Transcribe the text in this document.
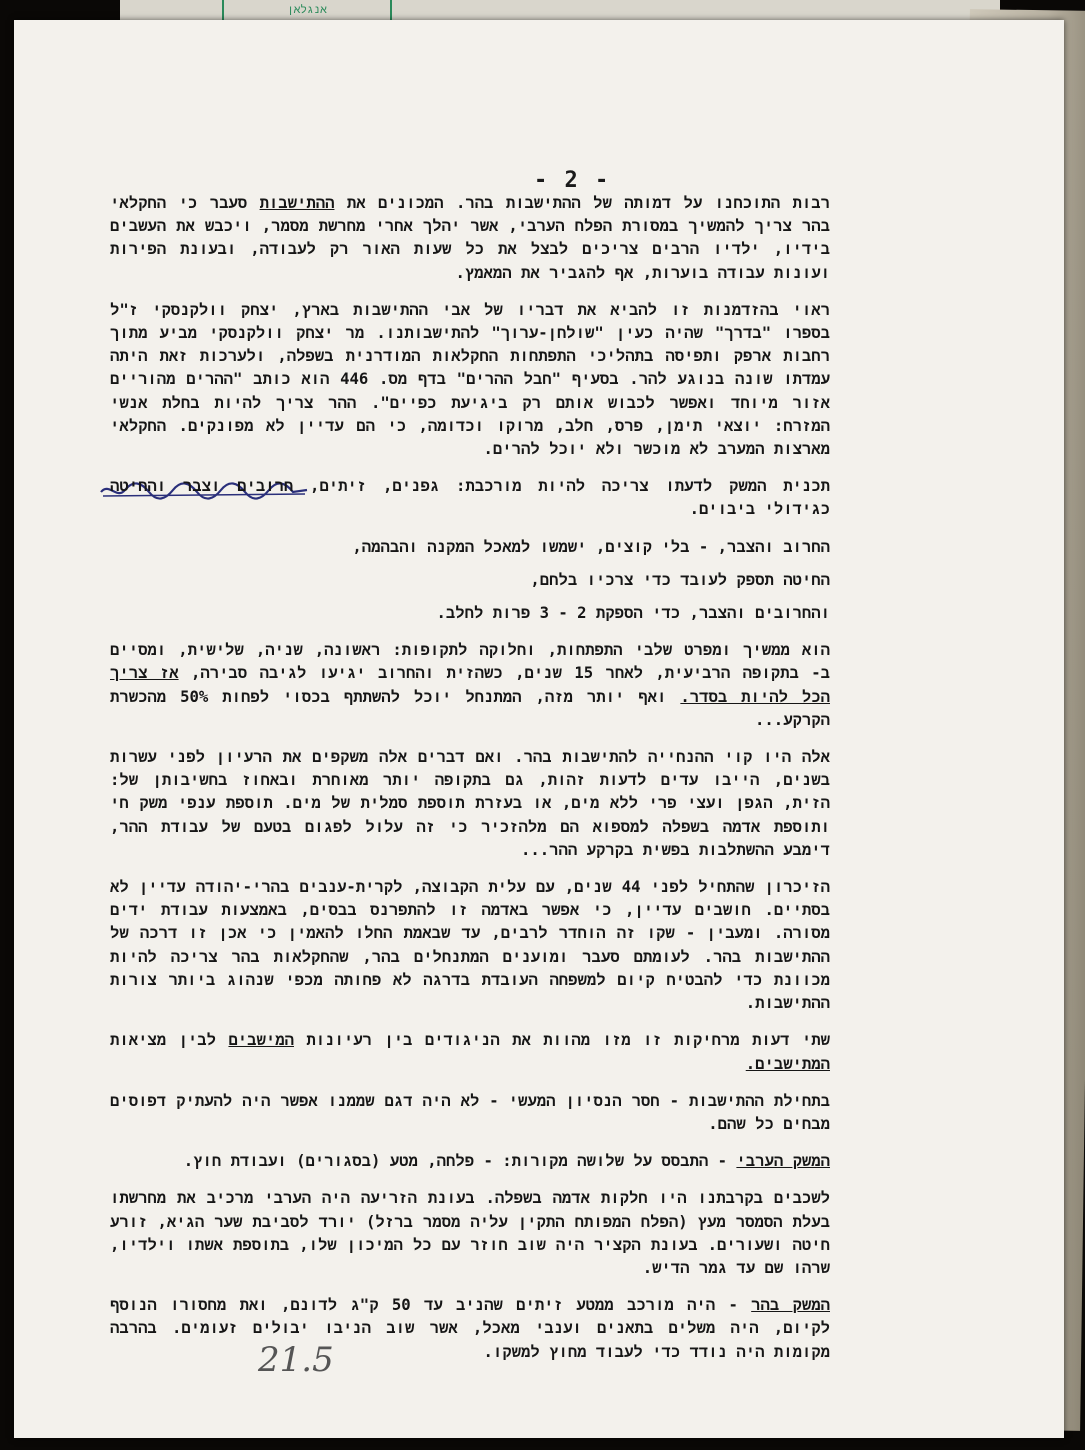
אנגלאן
- 2 -

רבות התוכחנו על דמותה של ההתישבות בהר. המכונים את ההתישבות סעבר כי החקלאי בהר צריך להמשיך במסורת הפלח הערבי, אשר יהלך אחרי מחרשת מסמר, ויכבש את העשבים בידיו, ילדיו הרבים צריכים לבצל את כל שעות האור רק לעבודה, ובעונת הפירות ועונות עבודה בוערות, אף להגביר את המאמץ.

ראוי בהזדמנות זו להביא את דבריו של אבי ההתישבות בארץ, יצחק וולקנסקי ז"ל בספרו "בדרך" שהיה כעין "שולחן-ערוך" להתישבותנו. מר יצחק וולקנסקי מביע מתוך רחבות ארפק ותפיסה בתהליכי התפתחות החקלאות המודרנית בשפלה, ולערכות זאת היתה עמדתו שונה בנוגע להר. בסעיף "חבל ההרים" בדף מס. 446 הוא כותב "ההרים מהוריים אזור מיוחד ואפשר לכבוש אותם רק ביגיעת כפיים". ההר צריך להיות בחלת אנשי המזרח: יוצאי תימן, פרס, חלב, מרוקו וכדומה, כי הם עדיין לא מפונקים. החקלאי מארצות המערב לא מוכשר ולא יוכל להרים.

תכנית המשק לדעתו צריכה להיות מורכבת: גפנים, זיתים, חרובים וצבר והחיטה כגידולי ביבוים.

החרוב והצבר, - בלי קוצים, ישמשו למאכל המקנה והבהמה,

החיטה תספק לעובד כדי צרכיו בלחם,

והחרובים והצבר, כדי הספקת 2 - 3 פרות לחלב.

הוא ממשיך ומפרט שלבי התפתחות, וחלוקה לתקופות: ראשונה, שניה, שלישית, ומסיים ב- בתקופה הרביעית, לאחר 15 שנים, כשהזית והחרוב יגיעו לגיבה סבירה, אז צריך הכל להיות בסדר. ואף יותר מזה, המתנחל יוכל להשתתף בכסוי לפחות 50% מהכשרת הקרקע...

אלה היו קוי ההנחייה להתישבות בהר. ואם דברים אלה משקפים את הרעיון לפני עשרות בשנים, הייבו עדים לדעות זהות, גם בתקופה יותר מאוחרת ובאחוז בחשיבותן של: הזית, הגפן ועצי פרי ללא מים, או בעזרת תוספת סמלית של מים. תוספת ענפי משק חי ותוספת אדמה בשפלה למספוא הם מלהזכיר כי זה עלול לפגום בטעם של עבודת ההר, דימבע ההשתלבות בפשית בקרקע ההר...

הזיכרון שהתחיל לפני 44 שנים, עם עלית הקבוצה, לקרית-ענבים בהרי-יהודה עדיין לא בסתיים. חושבים עדיין, כי אפשר באדמה זו להתפרנס בבסים, באמצעות עבודת ידים מסורה. ומעבין - שקו זה הוחדר לרבים, עד שבאמת החלו להאמין כי אכן זו דרכה של ההתישבות בהר. לעומתם סעבר ומוענים המתנחלים בהר, שהחקלאות בהר צריכה להיות מכוונת כדי להבטיח קיום למשפחה העובדת בדרגה לא פחותה מכפי שנהוג ביותר צורות ההתישבות.

שתי דעות מרחיקות זו מזו מהוות את הניגודים בין רעיונות המישבים לבין מציאות המתישבים.

בתחילת ההתישבות - חסר הנסיון המעשי - לא היה דגם שממנו אפשר היה להעתיק דפוסים מבחים כל שהם.

המשק הערבי - התבסס על שלושה מקורות: - פלחה, מטע (בסגורים) ועבודת חוץ.

לשכבים בקרבתנו היו חלקות אדמה בשפלה. בעונת הזריעה היה הערבי מרכיב את מחרשתו בעלת הסמסר מעץ (הפלח המפותח התקין עליה מסמר ברזל) יורד לסביבת שער הגיא, זורע חיטה ושעורים. בעונת הקציר היה שוב חוזר עם כל המיכון שלו, בתוספת אשתו וילדיו, שרהו שם עד גמר הדיש.

המשק בהר - היה מורכב ממטע זיתים שהניב עד 50 ק"ג לדונם, ואת מחסורו הנוסף לקיום, היה משלים בתאנים וענבי מאכל, אשר שוב הניבו יבולים זעומים. בהרבה מקומות היה נודד כדי לעבוד מחוץ למשקו.

21.5
